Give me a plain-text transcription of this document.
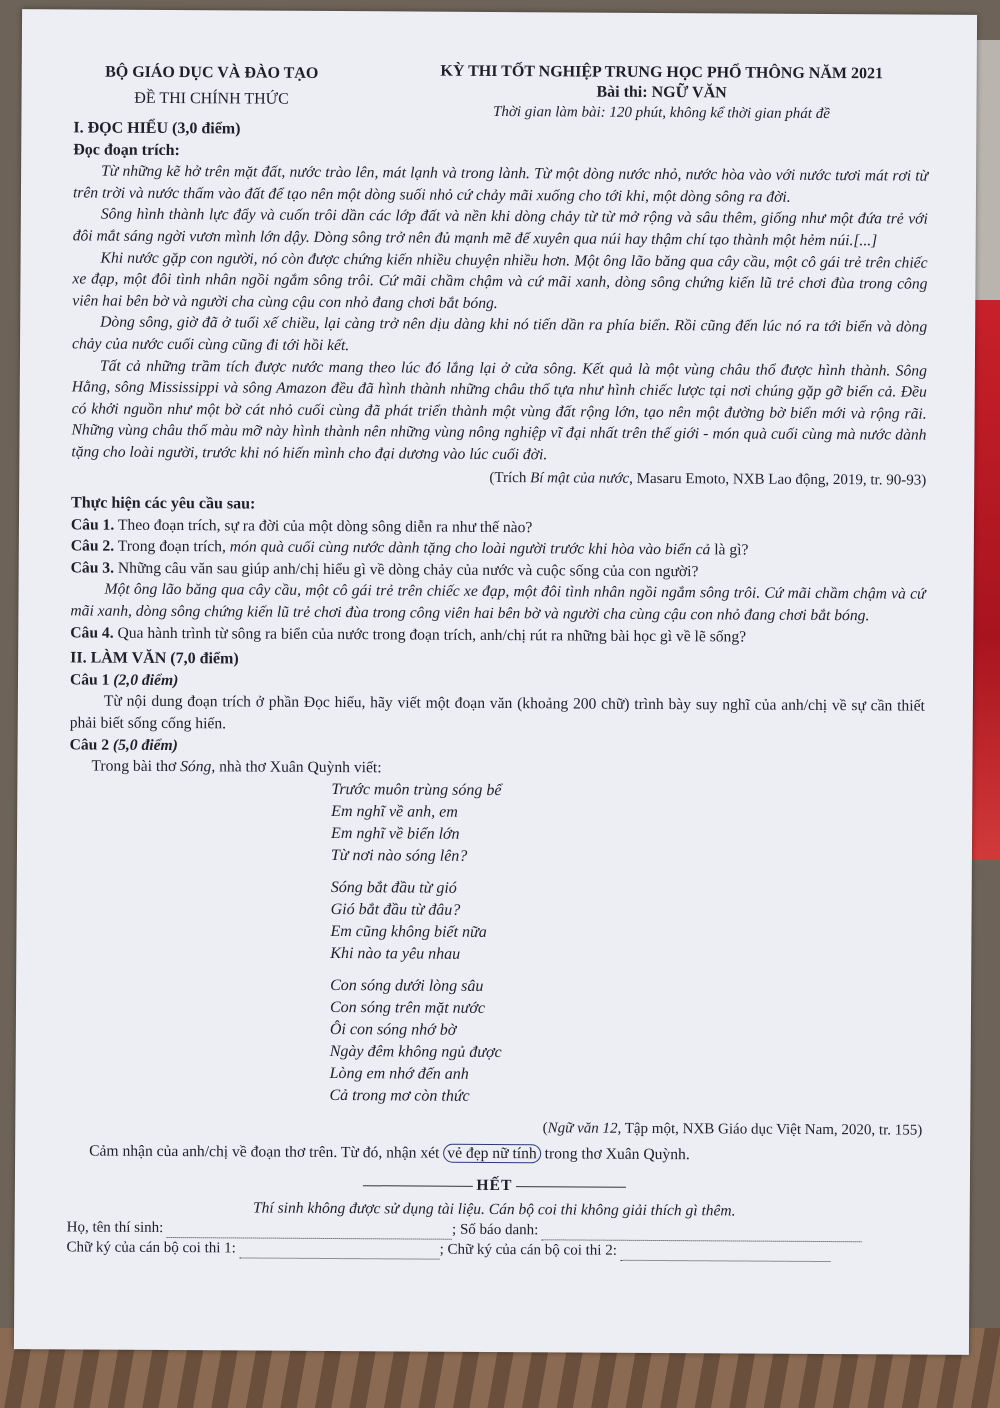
BỘ GIÁO DỤC VÀ ĐÀO TẠO
ĐỀ THI CHÍNH THỨC
KỲ THI TỐT NGHIỆP TRUNG HỌC PHỔ THÔNG NĂM 2021
Bài thi: NGỮ VĂN
Thời gian làm bài: 120 phút, không kể thời gian phát đề
I. ĐỌC HIỂU (3,0 điểm)
Đọc đoạn trích:

Từ những kẽ hở trên mặt đất, nước trào lên, mát lạnh và trong lành. Từ một dòng nước nhỏ, nước hòa vào với nước tươi mát rơi từ trên trời và nước thấm vào đất để tạo nên một dòng suối nhỏ cứ chảy mãi xuống cho tới khi, một dòng sông ra đời.

Sông hình thành lực đẩy và cuốn trôi dần các lớp đất và nền khi dòng chảy từ từ mở rộng và sâu thêm, giống như một đứa trẻ với đôi mắt sáng ngời vươn mình lớn dậy. Dòng sông trở nên đủ mạnh mẽ để xuyên qua núi hay thậm chí tạo thành một hẻm núi.[...]

Khi nước gặp con người, nó còn được chứng kiến nhiều chuyện nhiều hơn. Một ông lão băng qua cây cầu, một cô gái trẻ trên chiếc xe đạp, một đôi tình nhân ngồi ngắm sông trôi. Cứ mãi chầm chậm và cứ mãi xanh, dòng sông chứng kiến lũ trẻ chơi đùa trong công viên hai bên bờ và người cha cùng cậu con nhỏ đang chơi bắt bóng.

Dòng sông, giờ đã ở tuổi xế chiều, lại càng trở nên dịu dàng khi nó tiến dần ra phía biển. Rồi cũng đến lúc nó ra tới biển và dòng chảy của nước cuối cùng cũng đi tới hồi kết.

Tất cả những trầm tích được nước mang theo lúc đó lắng lại ở cửa sông. Kết quả là một vùng châu thổ được hình thành. Sông Hằng, sông Mississippi và sông Amazon đều đã hình thành những châu thổ tựa như hình chiếc lược tại nơi chúng gặp gỡ biển cả. Đều có khởi nguồn như một bờ cát nhỏ cuối cùng đã phát triển thành một vùng đất rộng lớn, tạo nên một đường bờ biển mới và rộng rãi. Những vùng châu thổ màu mỡ này hình thành nên những vùng nông nghiệp vĩ đại nhất trên thế giới - món quà cuối cùng mà nước dành tặng cho loài người, trước khi nó hiến mình cho đại dương vào lúc cuối đời.

(Trích Bí mật của nước, Masaru Emoto, NXB Lao động, 2019, tr. 90-93)

Thực hiện các yêu cầu sau:

Câu 1. Theo đoạn trích, sự ra đời của một dòng sông diễn ra như thế nào?

Câu 2. Trong đoạn trích, món quà cuối cùng nước dành tặng cho loài người trước khi hòa vào biển cả là gì?

Câu 3. Những câu văn sau giúp anh/chị hiểu gì về dòng chảy của nước và cuộc sống của con người?

Một ông lão băng qua cây cầu, một cô gái trẻ trên chiếc xe đạp, một đôi tình nhân ngồi ngắm sông trôi. Cứ mãi chầm chậm và cứ mãi xanh, dòng sông chứng kiến lũ trẻ chơi đùa trong công viên hai bên bờ và người cha cùng cậu con nhỏ đang chơi bắt bóng.

Câu 4. Qua hành trình từ sông ra biển của nước trong đoạn trích, anh/chị rút ra những bài học gì về lẽ sống?

II. LÀM VĂN (7,0 điểm)

Câu 1 (2,0 điểm)

Từ nội dung đoạn trích ở phần Đọc hiểu, hãy viết một đoạn văn (khoảng 200 chữ) trình bày suy nghĩ của anh/chị về sự cần thiết phải biết sống cống hiến.

Câu 2 (5,0 điểm)

Trong bài thơ Sóng, nhà thơ Xuân Quỳnh viết:

Trước muôn trùng sóng bể
Em nghĩ về anh, em
Em nghĩ về biển lớn
Từ nơi nào sóng lên?
Sóng bắt đầu từ gió
Gió bắt đầu từ đâu?
Em cũng không biết nữa
Khi nào ta yêu nhau
Con sóng dưới lòng sâu
Con sóng trên mặt nước
Ôi con sóng nhớ bờ
Ngày đêm không ngủ được
Lòng em nhớ đến anh
Cả trong mơ còn thức

(Ngữ văn 12, Tập một, NXB Giáo dục Việt Nam, 2020, tr. 155)

Cảm nhận của anh/chị về đoạn thơ trên. Từ đó, nhận xét vẻ đẹp nữ tính trong thơ Xuân Quỳnh.

HẾT

Thí sinh không được sử dụng tài liệu. Cán bộ coi thi không giải thích gì thêm.

Họ, tên thí sinh:	; Số báo danh:

Chữ ký của cán bộ coi thi 1:	; Chữ ký của cán bộ coi thi 2:
